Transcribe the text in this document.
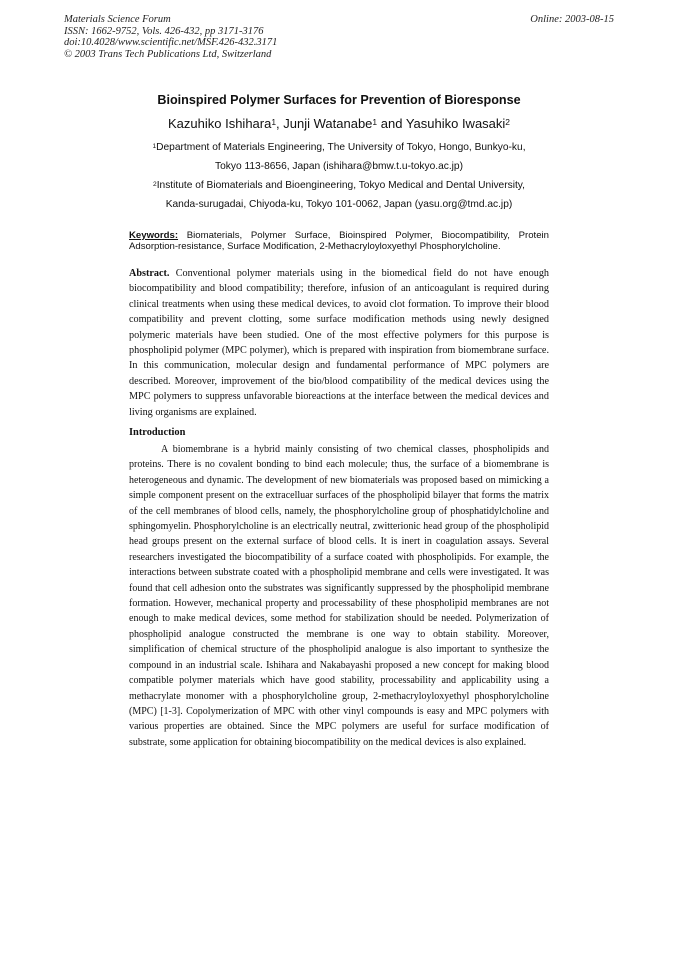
Materials Science Forum
ISSN: 1662-9752, Vols. 426-432, pp 3171-3176
doi:10.4028/www.scientific.net/MSF.426-432.3171
© 2003 Trans Tech Publications Ltd, Switzerland
Online: 2003-08-15
Bioinspired Polymer Surfaces for Prevention of Bioresponse
Kazuhiko Ishihara$^1$, Junji Watanabe$^1$ and Yasuhiko Iwasaki$^2$
$^1$Department of Materials Engineering, The University of Tokyo, Hongo, Bunkyo-ku,
Tokyo 113-8656, Japan (ishihara@bmw.t.u-tokyo.ac.jp)
$^2$Institute of Biomaterials and Bioengineering, Tokyo Medical and Dental University,
Kanda-surugadai, Chiyoda-ku, Tokyo 101-0062, Japan (yasu.org@tmd.ac.jp)
Keywords: Biomaterials, Polymer Surface, Bioinspired Polymer, Biocompatibility, Protein Adsorption-resistance, Surface Modification, 2-Methacryloyloxyethyl Phosphorylcholine.
Abstract. Conventional polymer materials using in the biomedical field do not have enough biocompatibility and blood compatibility; therefore, infusion of an anticoagulant is required during clinical treatments when using these medical devices, to avoid clot formation. To improve their blood compatibility and prevent clotting, some surface modification methods using newly designed polymeric materials have been studied. One of the most effective polymers for this purpose is phospholipid polymer (MPC polymer), which is prepared with inspiration from biomembrane surface. In this communication, molecular design and fundamental performance of MPC polymers are described. Moreover, improvement of the bio/blood compatibility of the medical devices using the MPC polymers to suppress unfavorable bioreactions at the interface between the medical devices and living organisms are explained.
Introduction

A biomembrane is a hybrid mainly consisting of two chemical classes, phospholipids and proteins. There is no covalent bonding to bind each molecule; thus, the surface of a biomembrane is heterogeneous and dynamic. The development of new biomaterials was proposed based on mimicking a simple component present on the extracelluar surfaces of the phospholipid bilayer that forms the matrix of the cell membranes of blood cells, namely, the phosphorylcholine group of phosphatidylcholine and sphingomyelin. Phosphorylcholine is an electrically neutral, zwitterionic head group of the phospholipid head groups present on the external surface of blood cells. It is inert in coagulation assays. Several researchers investigated the biocompatibility of a surface coated with phospholipids. For example, the interactions between substrate coated with a phospholipid membrane and cells were investigated. It was found that cell adhesion onto the substrates was significantly suppressed by the phospholipid membrane formation. However, mechanical property and processability of these phospholipid membranes are not enough to make medical devices, some method for stabilization should be needed. Polymerization of phospholipid analogue constructed the membrane is one way to obtain stability. Moreover, simplification of chemical structure of the phospholipid analogue is also important to synthesize the compound in an industrial scale. Ishihara and Nakabayashi proposed a new concept for making blood compatible polymer materials which have good stability, processability and applicability using a methacrylate monomer with a phosphorylcholine group, 2-methacryloyloxyethyl phosphorylcholine (MPC) [1-3]. Copolymerization of MPC with other vinyl compounds is easy and MPC polymers with various properties are obtained. Since the MPC polymers are useful for surface modification of substrate, some application for obtaining biocompatibility on the medical devices is also explained.
